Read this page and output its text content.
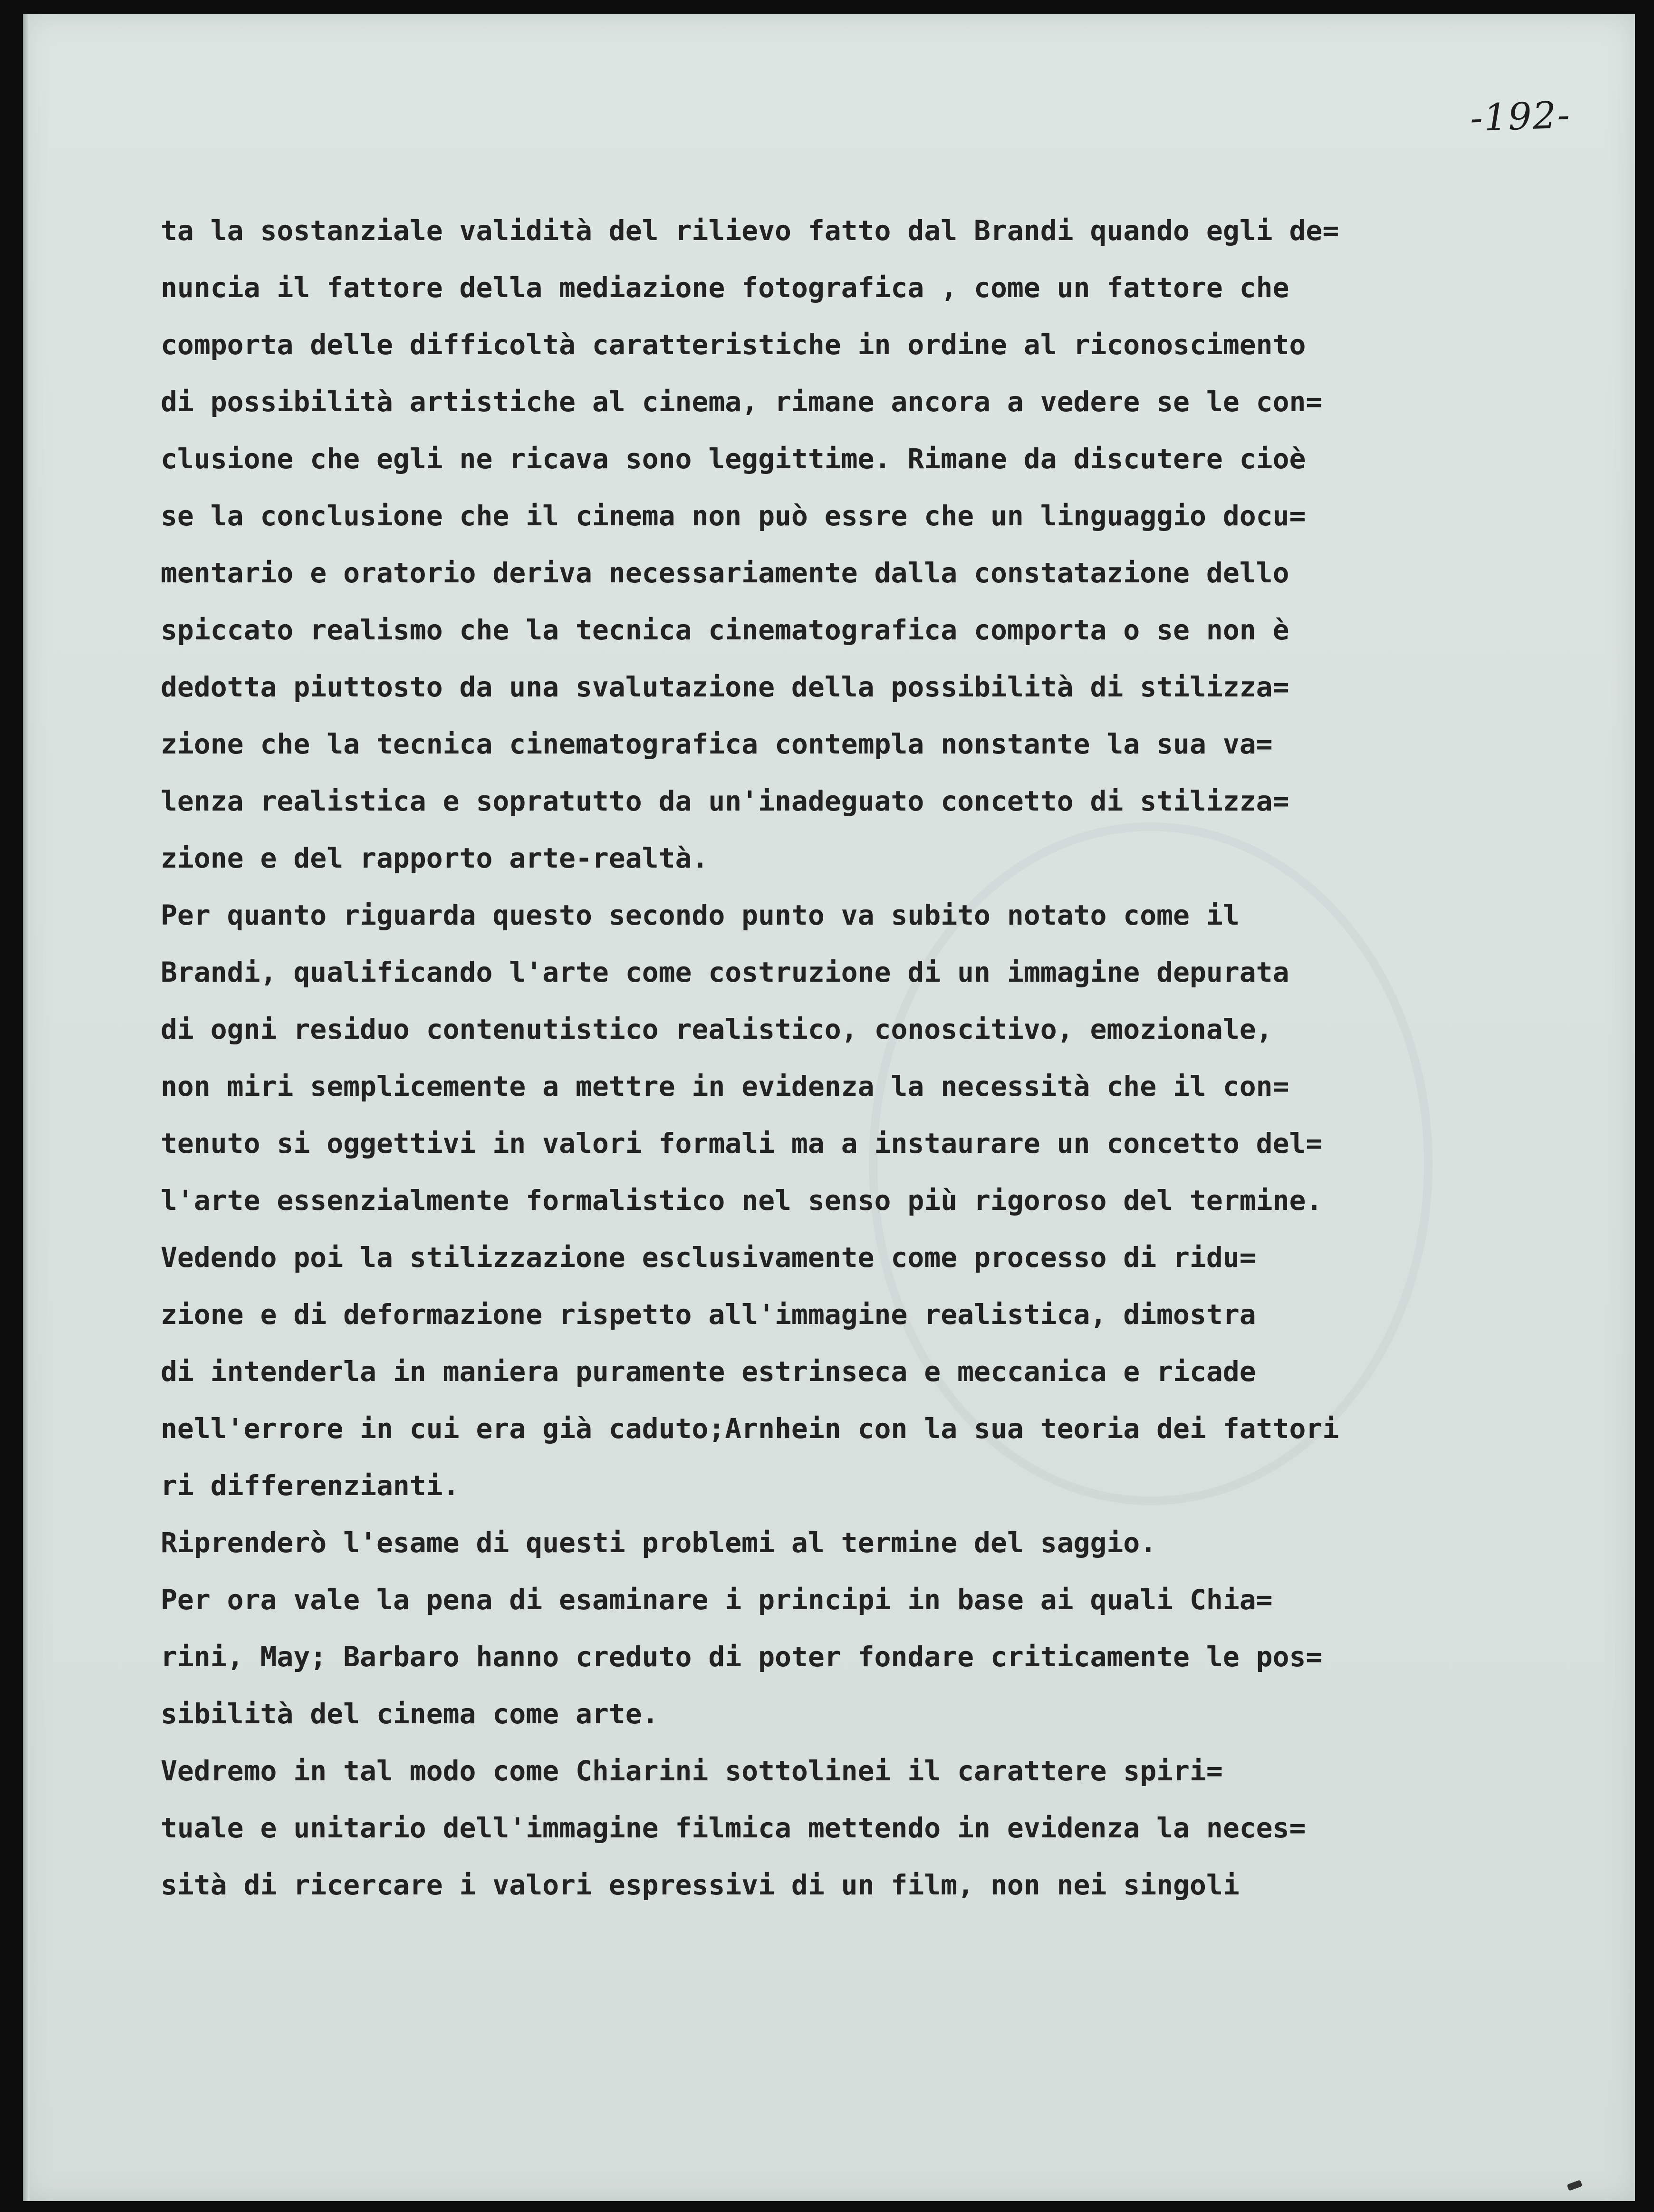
-192-
ta la sostanziale validità del rilievo fatto dal Brandi quando egli de=
nuncia il fattore della mediazione fotografica , come un fattore che
comporta delle difficoltà caratteristiche in ordine al riconoscimento
di possibilità artistiche al cinema, rimane ancora a vedere se le con=
clusione che egli ne ricava sono leggittime. Rimane da discutere cioè
se la conclusione che il cinema non può essre che un linguaggio docu=
mentario e oratorio deriva necessariamente dalla constatazione dello
spiccato realismo che la tecnica cinematografica comporta o se non è
dedotta piuttosto da una svalutazione della possibilità di stilizza=
zione che la tecnica cinematografica contempla nonstante la sua va=
lenza realistica e sopratutto da un'inadeguato concetto di stilizza=
zione e del rapporto arte-realtà.
Per quanto riguarda questo secondo punto va subito notato come il
Brandi, qualificando l'arte come costruzione di un immagine depurata
di ogni residuo contenutistico realistico, conoscitivo, emozionale,
non miri semplicemente a mettre in evidenza la necessità che il con=
tenuto si oggettivi in valori formali ma a instaurare un concetto del=
l'arte essenzialmente formalistico nel senso più rigoroso del termine.
Vedendo poi la stilizzazione esclusivamente come processo di ridu=
zione e di deformazione rispetto all'immagine realistica, dimostra
di intenderla in maniera puramente estrinseca e meccanica e ricade
nell'errore in cui era già caduto;Arnhein con la sua teoria dei fattori
ri differenzianti.
Riprenderò l'esame di questi problemi al termine del saggio.
Per ora vale la pena di esaminare i principi in base ai quali Chia=
rini, May; Barbaro hanno creduto di poter fondare criticamente le pos=
sibilità del cinema come arte.
Vedremo in tal modo come Chiarini sottolinei il carattere spiri=
tuale e unitario dell'immagine filmica mettendo in evidenza la neces=
sità di ricercare i valori espressivi di un film, non nei singoli
